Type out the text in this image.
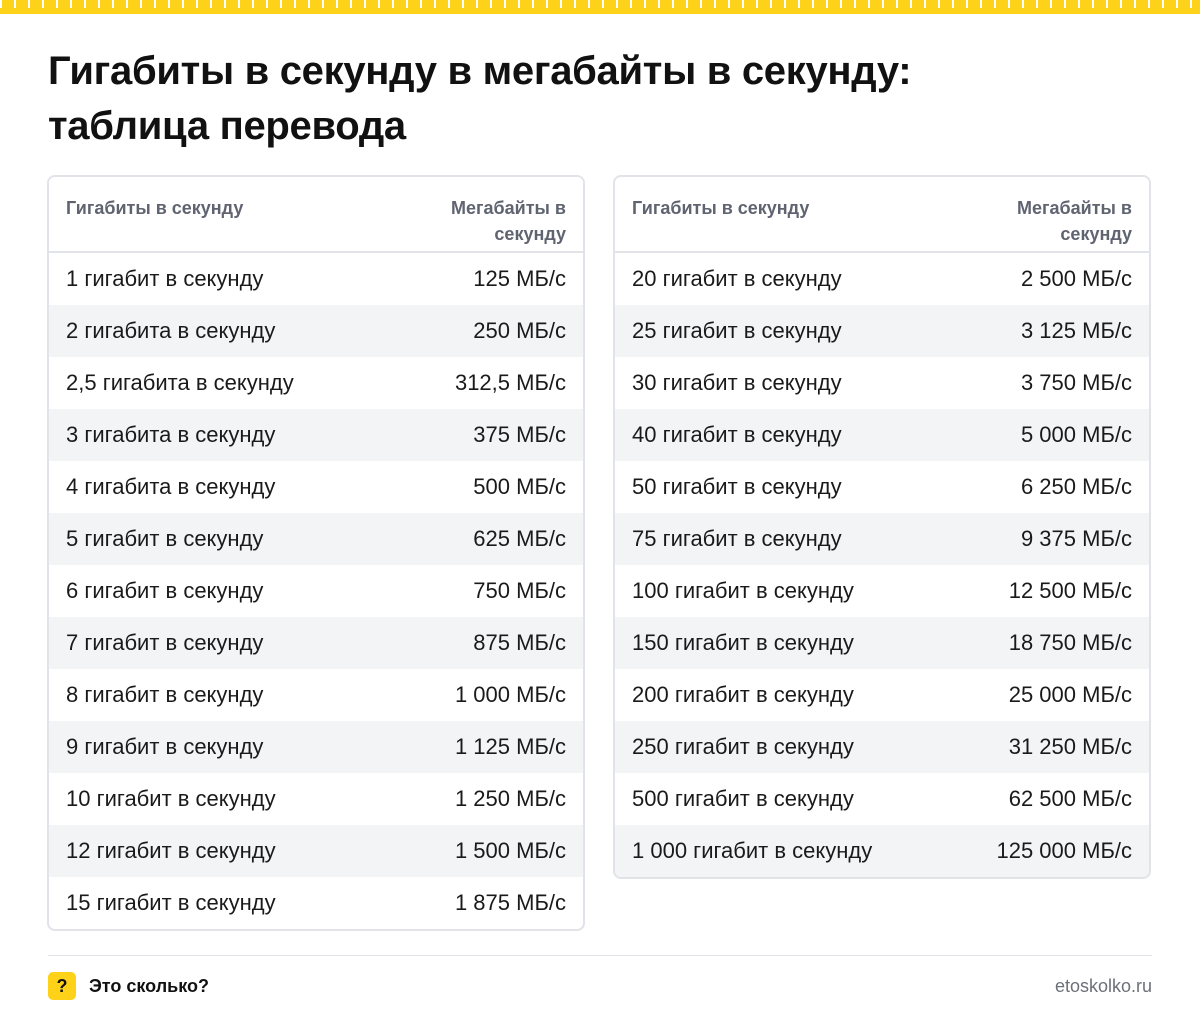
Гигабиты в секунду в мегабайты в секунду:
таблица перевода
Гигабиты в секунду	Мегабайты в секунду
1 гигабит в секунду	125 МБ/с
2 гигабита в секунду	250 МБ/с
2,5 гигабита в секунду	312,5 МБ/с
3 гигабита в секунду	375 МБ/с
4 гигабита в секунду	500 МБ/с
5 гигабит в секунду	625 МБ/с
6 гигабит в секунду	750 МБ/с
7 гигабит в секунду	875 МБ/с
8 гигабит в секунду	1 000 МБ/с
9 гигабит в секунду	1 125 МБ/с
10 гигабит в секунду	1 250 МБ/с
12 гигабит в секунду	1 500 МБ/с
15 гигабит в секунду	1 875 МБ/с
Гигабиты в секунду	Мегабайты в секунду
20 гигабит в секунду	2 500 МБ/с
25 гигабит в секунду	3 125 МБ/с
30 гигабит в секунду	3 750 МБ/с
40 гигабит в секунду	5 000 МБ/с
50 гигабит в секунду	6 250 МБ/с
75 гигабит в секунду	9 375 МБ/с
100 гигабит в секунду	12 500 МБ/с
150 гигабит в секунду	18 750 МБ/с
200 гигабит в секунду	25 000 МБ/с
250 гигабит в секунду	31 250 МБ/с
500 гигабит в секунду	62 500 МБ/с
1 000 гигабит в секунду	125 000 МБ/с
?	Это сколько?	etoskolko.ru
